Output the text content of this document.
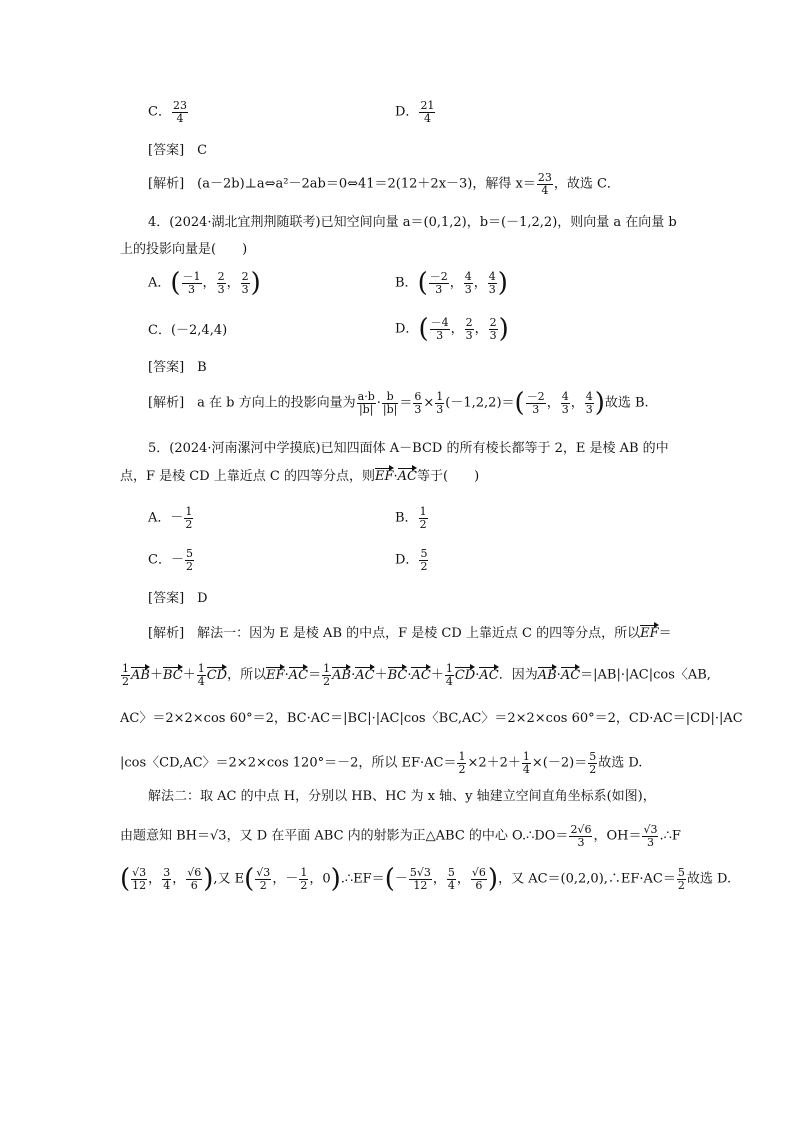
C． $\frac{23}{4}$	D． $\frac{21}{4}$
[答案]　 C
[解析]　 (a－2b)⊥a⇔a²－2ab＝0⇔41＝2(12＋2x－3)，解得 $x= \frac{23}{4}$ ，故选 C．
4．(2024·湖北宜荆荆随联考)已知空间向量 a＝(0,1,2)，b＝(－1,2,2)，则向量 a 在向量 b
上的投影向量是(　　)
A．( $\frac{-1}{3}$ ， $\frac{2}{3}$ ， $\frac{2}{3}$ )	B．( $\frac{-2}{3}$ ， $\frac{4}{3}$ ， $\frac{4}{3}$ )
C．(－2,4,4)	D．( $\frac{-4}{3}$ ， $\frac{2}{3}$ ， $\frac{2}{3}$ )
[答案]　 B
[解析]　 a 在 b 方向上的投影向量为 $\frac{a\cdot b}{|b|} \cdot \frac{b}{|b|} = \frac{6}{3} \times \frac{1}{3} (-1,2,2)=( \frac{-2}{3}$ ， $\frac{4}{3}$ ， $\frac{4}{3}$ )故选 B.
5．(2024·河南漯河中学摸底)已知四面体 A－BCD 的所有棱长都等于 2，E 是棱 AB 的中
点，F 是棱 CD 上靠近点 C 的四等分点，则EF·AC等于(　　)
A．－ $\frac{1}{2}$	B． $\frac{1}{2}$
C．－ $\frac{5}{2}$	D． $\frac{5}{2}$
[答案]　 D
[解析]　 解法一：因为 E 是棱 AB 的中点，F 是棱 CD 上靠近点 C 的四等分点，所以EF＝
$\frac{1}{2} AB+BC+ \frac{1}{4}$ CD，所以$EF\cdot AC= \frac{1}{2} AB\cdot AC+BC\cdot AC+ \frac{1}{4} CD\cdot AC$．因为AB·AC＝|AB|·|AC|cos〈AB,
AC〉＝2×2×cos 60°＝2，BC·AC＝|BC|·|AC|cos〈BC,AC〉＝2×2×cos 60°＝2，CD·AC＝|CD|·|AC
|cos〈CD,AC〉＝2×2×cos 120°＝－2，所以 $EF\cdot AC= \frac{1}{2} \times 2+2+ \frac{1}{4} \times(-2)= \frac{5}{2}$ 故选 D.
解法二：取 AC 的中点 H，分别以 HB、HC 为 x 轴、y 轴建立空间直角坐标系(如图)，
由题意知 BH＝√3，又 D 在平面 ABC 内的射影为正△ABC 的中心 O.∴DO＝ $\frac{2√6}{3}$ ，$OH= \frac{√3}{3}$ .∴F
( $\frac{√3}{12}$ ， $\frac{3}{4}$ ， $\frac{√6}{6}$ ),又 $E( \frac{√3}{2}$ ，－ $\frac{1}{2}$ ，0).∴EF＝(－ $\frac{5√3}{12}$ ， $\frac{5}{4}$ ， $\frac{√6}{6}$ )，又 AC＝(0,2,0),∴EF·AC＝ $\frac{5}{2}$ 故选 D.
